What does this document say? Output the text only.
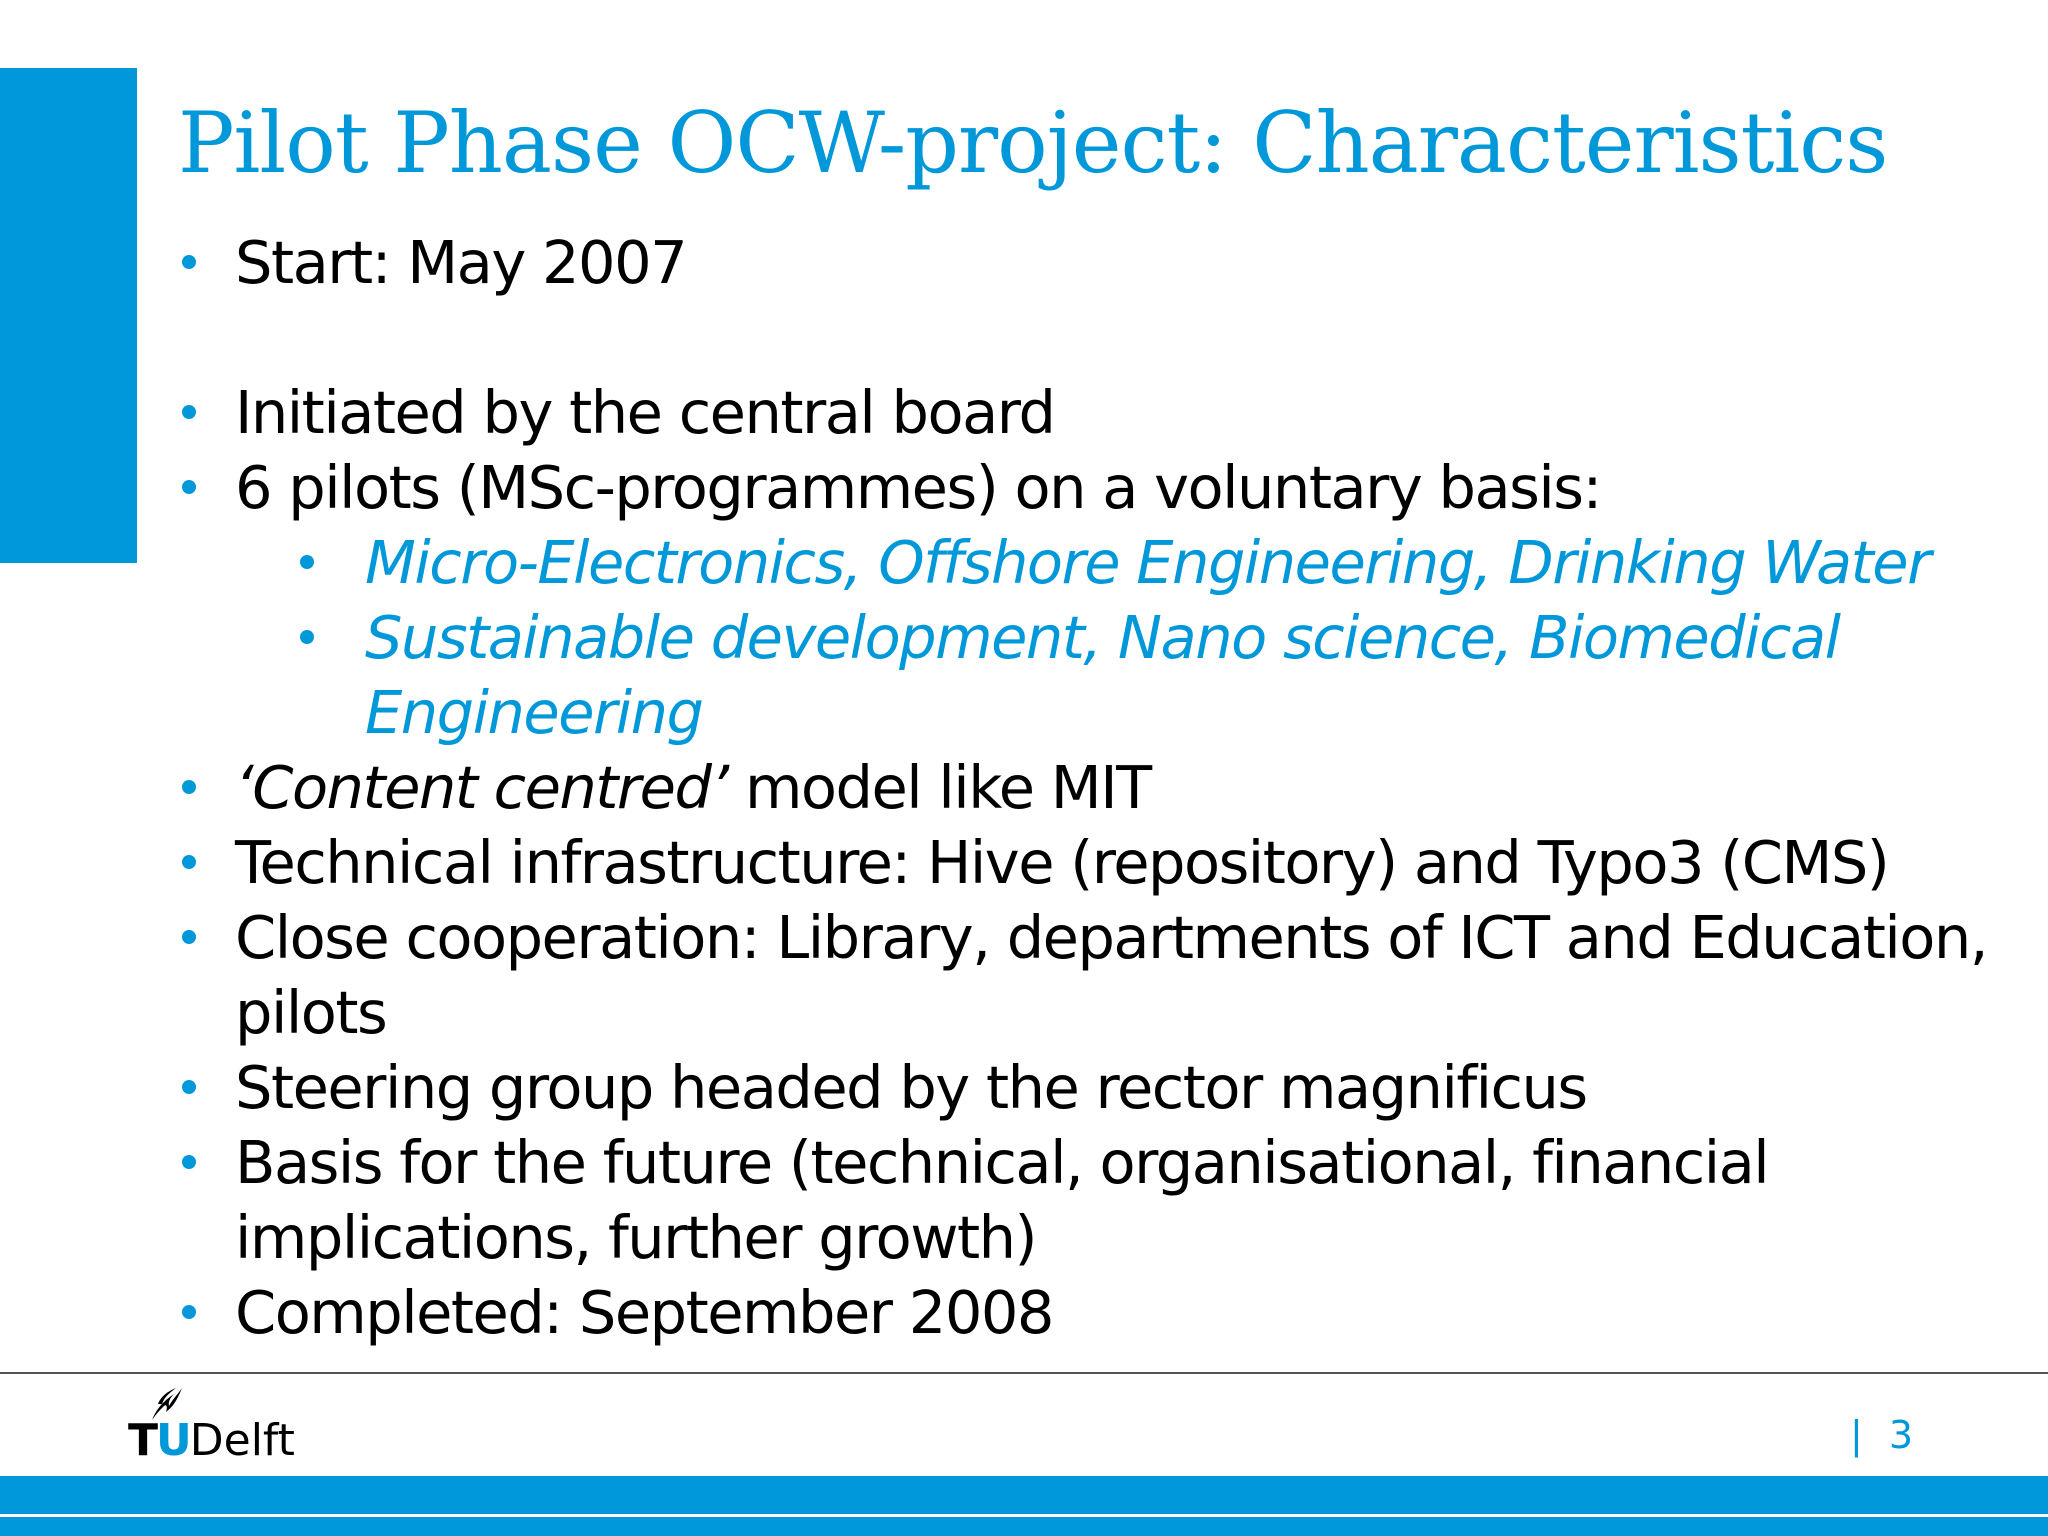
Pilot Phase OCW-project: Characteristics
Start: May 2007
Initiated by the central board
6 pilots (MSc-programmes) on a voluntary basis:
Micro-Electronics, Offshore Engineering, Drinking Water
Sustainable development, Nano science, Biomedical Engineering
‘Content centred’ model like MIT
Technical infrastructure: Hive (repository) and Typo3 (CMS)
Close cooperation: Library, departments of ICT and Education, pilots
Steering group headed by the rector magnificus
Basis for the future (technical, organisational, financial implications, further growth)
Completed: September 2008
TUDelft	| 3
